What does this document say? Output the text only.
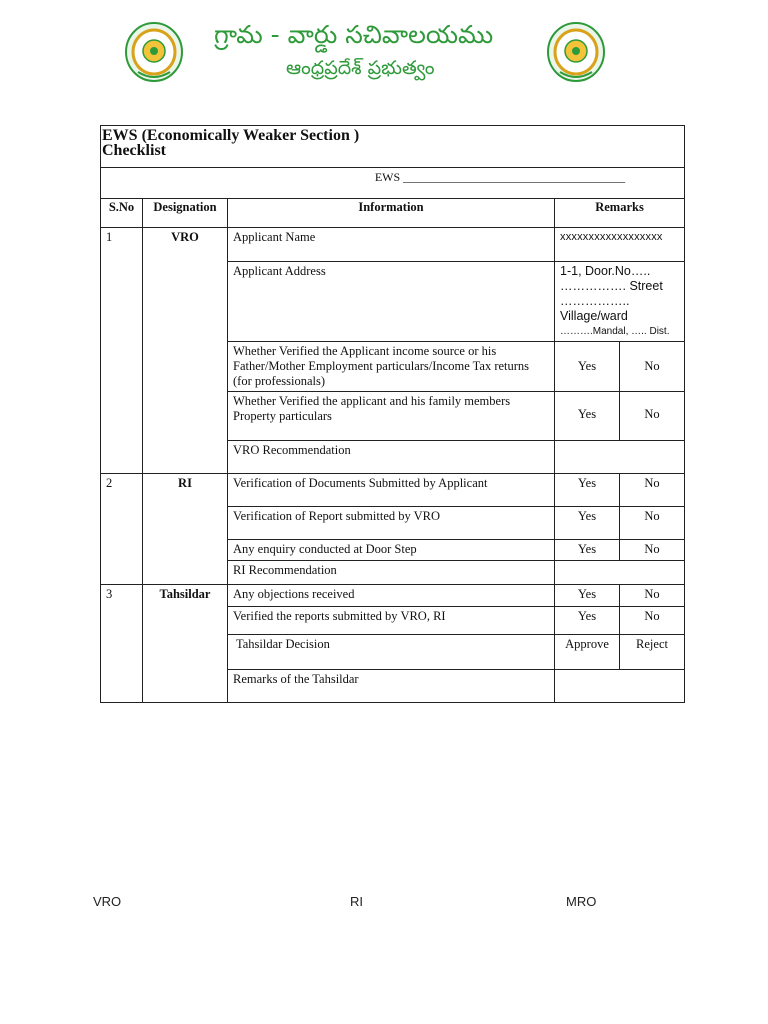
గ్రామ - వార్డు సచివాలయము
ఆంధ్రప్రదేశ్ ప్రభుత్వం
EWS (Economically Weaker Section )
Checklist				

EWS _____________________________________				
S.No	Designation	Information	Remarks	
1	VRO	Applicant Name	xxxxxxxxxxxxxxxxxx	
		Applicant Address	1-1, Door.No…..
……………. Street
……………..
Village/ward
……….Mandal, ….. Dist.	

		Whether Verified the Applicant income source or his Father/Mother Employment particulars/Income Tax returns (for professionals)	Yes	No
		Whether Verified the applicant and his family members Property particulars	Yes	No
		VRO Recommendation		
2	RI	Verification of Documents Submitted by Applicant	Yes	No
		Verification of Report submitted by VRO	Yes	No
		Any enquiry conducted at Door Step	Yes	No
		RI Recommendation		
3	Tahsildar	Any objections received	Yes	No
		Verified the reports submitted by VRO, RI	Yes	No
		Tahsildar Decision	Approve	Reject
		Remarks of the Tahsildar		
VRO	RI	MRO
